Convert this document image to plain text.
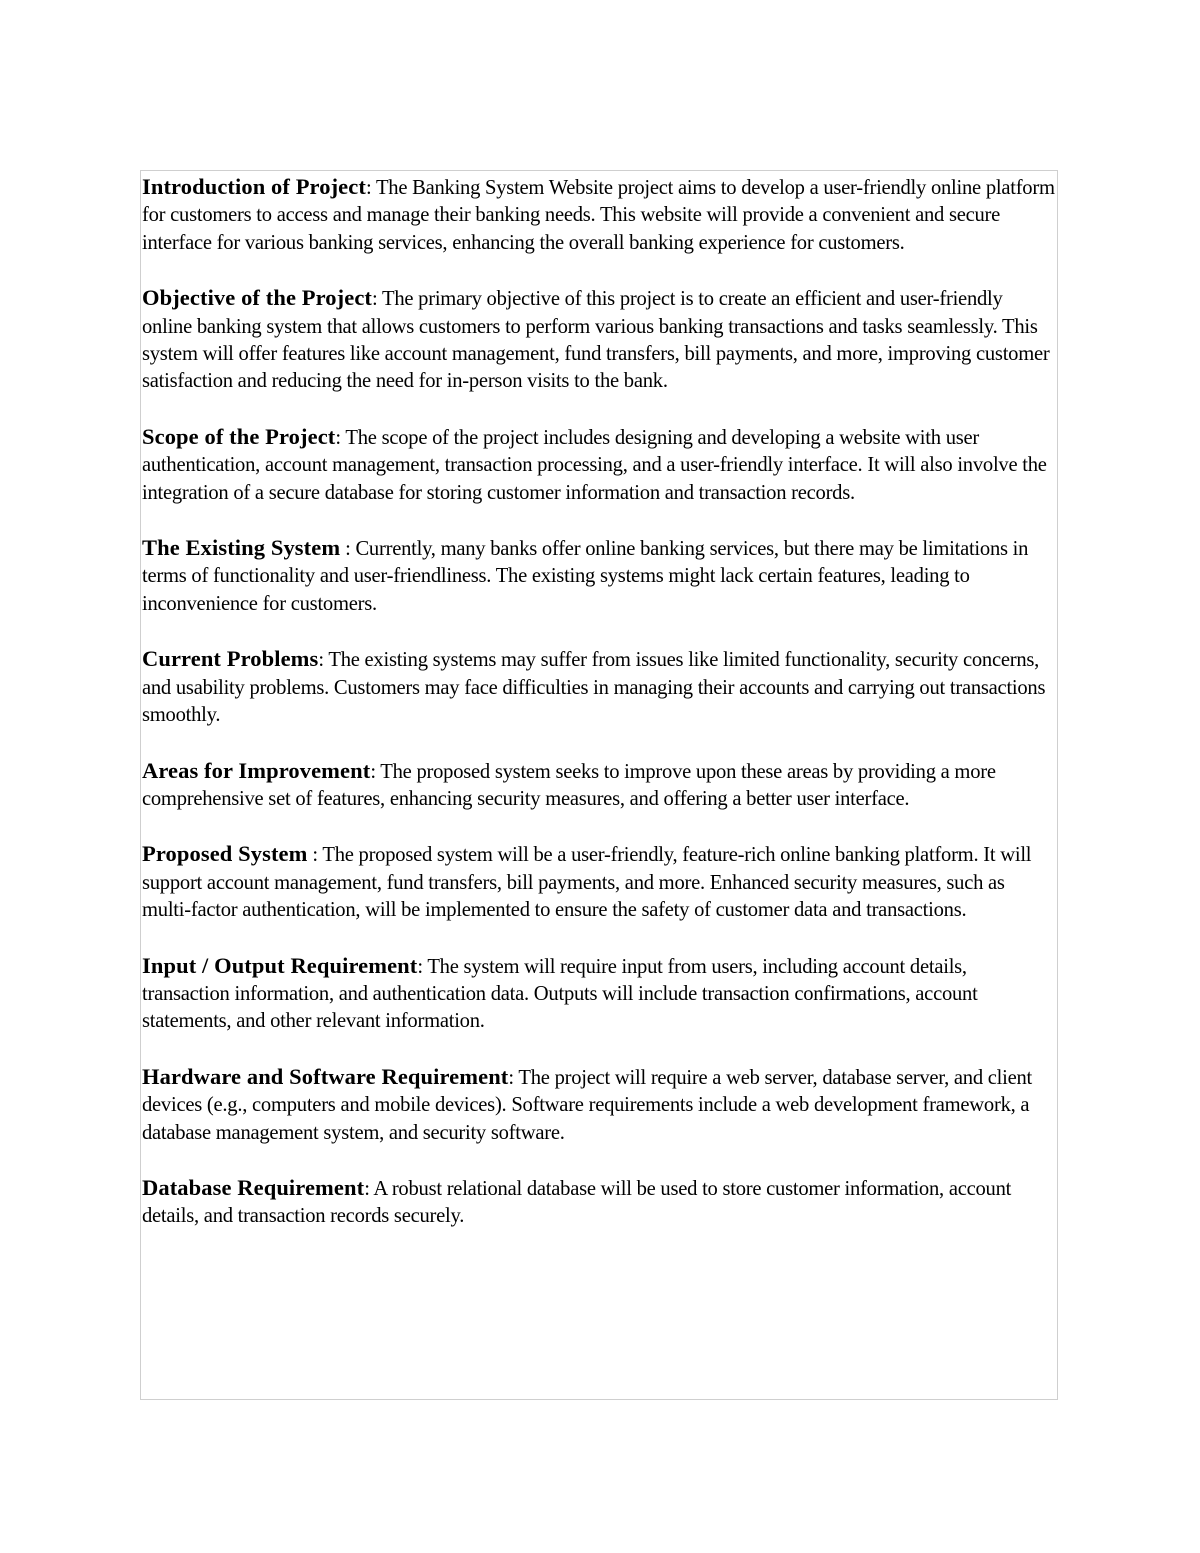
Introduction of Project: The Banking System Website project aims to develop a user-friendly online platform for customers to access and manage their banking needs. This website will provide a convenient and secure interface for various banking services, enhancing the overall banking experience for customers.

Objective of the Project: The primary objective of this project is to create an efficient and user-friendly online banking system that allows customers to perform various banking transactions and tasks seamlessly. This system will offer features like account management, fund transfers, bill payments, and more, improving customer satisfaction and reducing the need for in-person visits to the bank.

Scope of the Project: The scope of the project includes designing and developing a website with user authentication, account management, transaction processing, and a user-friendly interface. It will also involve the integration of a secure database for storing customer information and transaction records.

The Existing System : Currently, many banks offer online banking services, but there may be limitations in terms of functionality and user-friendliness. The existing systems might lack certain features, leading to inconvenience for customers.

Current Problems: The existing systems may suffer from issues like limited functionality, security concerns, and usability problems. Customers may face difficulties in managing their accounts and carrying out transactions smoothly.

Areas for Improvement: The proposed system seeks to improve upon these areas by providing a more comprehensive set of features, enhancing security measures, and offering a better user interface.

Proposed System : The proposed system will be a user-friendly, feature-rich online banking platform. It will support account management, fund transfers, bill payments, and more. Enhanced security measures, such as multi-factor authentication, will be implemented to ensure the safety of customer data and transactions.

Input / Output Requirement: The system will require input from users, including account details, transaction information, and authentication data. Outputs will include transaction confirmations, account statements, and other relevant information.

Hardware and Software Requirement: The project will require a web server, database server, and client devices (e.g., computers and mobile devices). Software requirements include a web development framework, a database management system, and security software.

Database Requirement: A robust relational database will be used to store customer information, account details, and transaction records securely.
